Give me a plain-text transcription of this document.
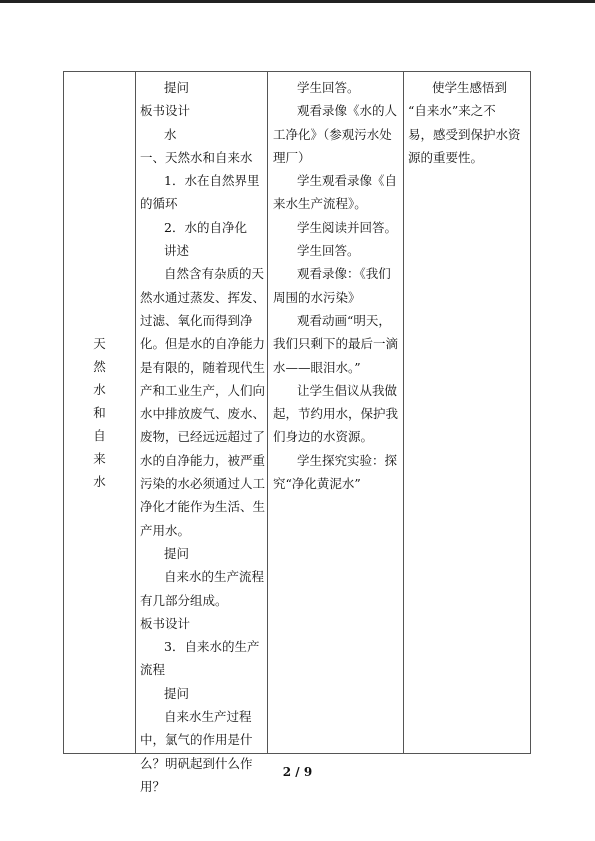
天
然
水
和
自
来
水
提问
板书设计
水
一、天然水和自来水
1．水在自然界里
的循环
2．水的自净化
讲述
自然含有杂质的天
然水通过蒸发、挥发、
过滤、氧化而得到净
化。但是水的自净能力
是有限的，随着现代生
产和工业生产，人们向
水中排放废气、废水、
废物，已经远远超过了
水的自净能力，被严重
污染的水必须通过人工
净化才能作为生活、生
产用水。
提问
自来水的生产流程
有几部分组成。
板书设计
3．自来水的生产
流程
提问
自来水生产过程
中，氯气的作用是什
么？明矾起到什么作
用？
学生回答。
观看录像《水的人
工净化》（参观污水处
理厂）
学生观看录像《自
来水生产流程》。
学生阅读并回答。
学生回答。
观看录像：《我们
周围的水污染》
观看动画“明天，
我们只剩下的最后一滴
水——眼泪水。”
让学生倡议从我做
起，节约用水，保护我
们身边的水资源。
学生探究实验：探
究“净化黄泥水”
使学生感悟到
“自来水”来之不
易，感受到保护水资
源的重要性。
2 / 9
